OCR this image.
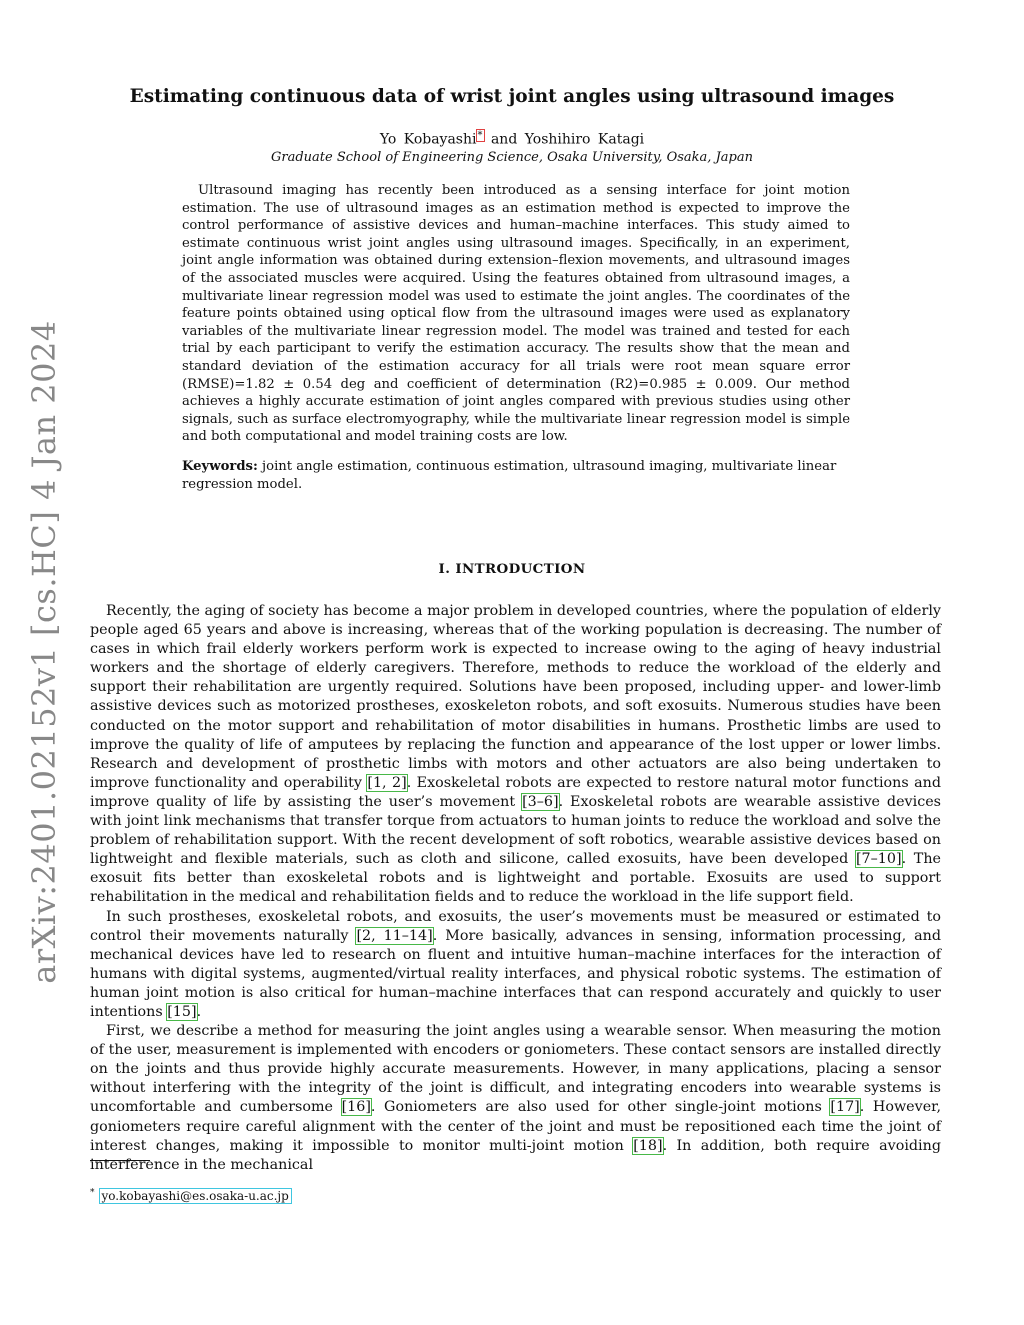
arXiv:2401.02152v1 [cs.HC] 4 Jan 2024
Estimating continuous data of wrist joint angles using ultrasound images
Yo Kobayashi* and Yoshihiro Katagi
Graduate School of Engineering Science, Osaka University, Osaka, Japan

Ultrasound imaging has recently been introduced as a sensing interface for joint motion estimation. The use of ultrasound images as an estimation method is expected to improve the control performance of assistive devices and human–machine interfaces. This study aimed to estimate continuous wrist joint angles using ultrasound images. Specifically, in an experiment, joint angle information was obtained during extension–flexion movements, and ultrasound images of the associated muscles were acquired. Using the features obtained from ultrasound images, a multivariate linear regression model was used to estimate the joint angles. The coordinates of the feature points obtained using optical flow from the ultrasound images were used as explanatory variables of the multivariate linear regression model. The model was trained and tested for each trial by each participant to verify the estimation accuracy. The results show that the mean and standard deviation of the estimation accuracy for all trials were root mean square error (RMSE)=1.82 ± 0.54 deg and coefficient of determination (R2)=0.985 ± 0.009. Our method achieves a highly accurate estimation of joint angles compared with previous studies using other signals, such as surface electromyography, while the multivariate linear regression model is simple and both computational and model training costs are low.

Keywords: joint angle estimation, continuous estimation, ultrasound imaging, multivariate linear regression model.
I. INTRODUCTION

Recently, the aging of society has become a major problem in developed countries, where the population of elderly people aged 65 years and above is increasing, whereas that of the working population is decreasing. The number of cases in which frail elderly workers perform work is expected to increase owing to the aging of heavy industrial workers and the shortage of elderly caregivers. Therefore, methods to reduce the workload of the elderly and support their rehabilitation are urgently required. Solutions have been proposed, including upper- and lower-limb assistive devices such as motorized prostheses, exoskeleton robots, and soft exosuits. Numerous studies have been conducted on the motor support and rehabilitation of motor disabilities in humans. Prosthetic limbs are used to improve the quality of life of amputees by replacing the function and appearance of the lost upper or lower limbs. Research and development of prosthetic limbs with motors and other actuators are also being undertaken to improve functionality and operability [1, 2]. Exoskeletal robots are expected to restore natural motor functions and improve quality of life by assisting the user’s movement [3–6]. Exoskeletal robots are wearable assistive devices with joint link mechanisms that transfer torque from actuators to human joints to reduce the workload and solve the problem of rehabilitation support. With the recent development of soft robotics, wearable assistive devices based on lightweight and flexible materials, such as cloth and silicone, called exosuits, have been developed [7–10]. The exosuit fits better than exoskeletal robots and is lightweight and portable. Exosuits are used to support rehabilitation in the medical and rehabilitation fields and to reduce the workload in the life support field.

In such prostheses, exoskeletal robots, and exosuits, the user’s movements must be measured or estimated to control their movements naturally [2, 11–14]. More basically, advances in sensing, information processing, and mechanical devices have led to research on fluent and intuitive human–machine interfaces for the interaction of humans with digital systems, augmented/virtual reality interfaces, and physical robotic systems. The estimation of human joint motion is also critical for human–machine interfaces that can respond accurately and quickly to user intentions [15].

First, we describe a method for measuring the joint angles using a wearable sensor. When measuring the motion of the user, measurement is implemented with encoders or goniometers. These contact sensors are installed directly on the joints and thus provide highly accurate measurements. However, in many applications, placing a sensor without interfering with the integrity of the joint is difficult, and integrating encoders into wearable systems is uncomfortable and cumbersome [16]. Goniometers are also used for other single-joint motions [17]. However, goniometers require careful alignment with the center of the joint and must be repositioned each time the joint of interest changes, making it impossible to monitor multi-joint motion [18]. In addition, both require avoiding interference in the mechanical

* yo.kobayashi@es.osaka-u.ac.jp
